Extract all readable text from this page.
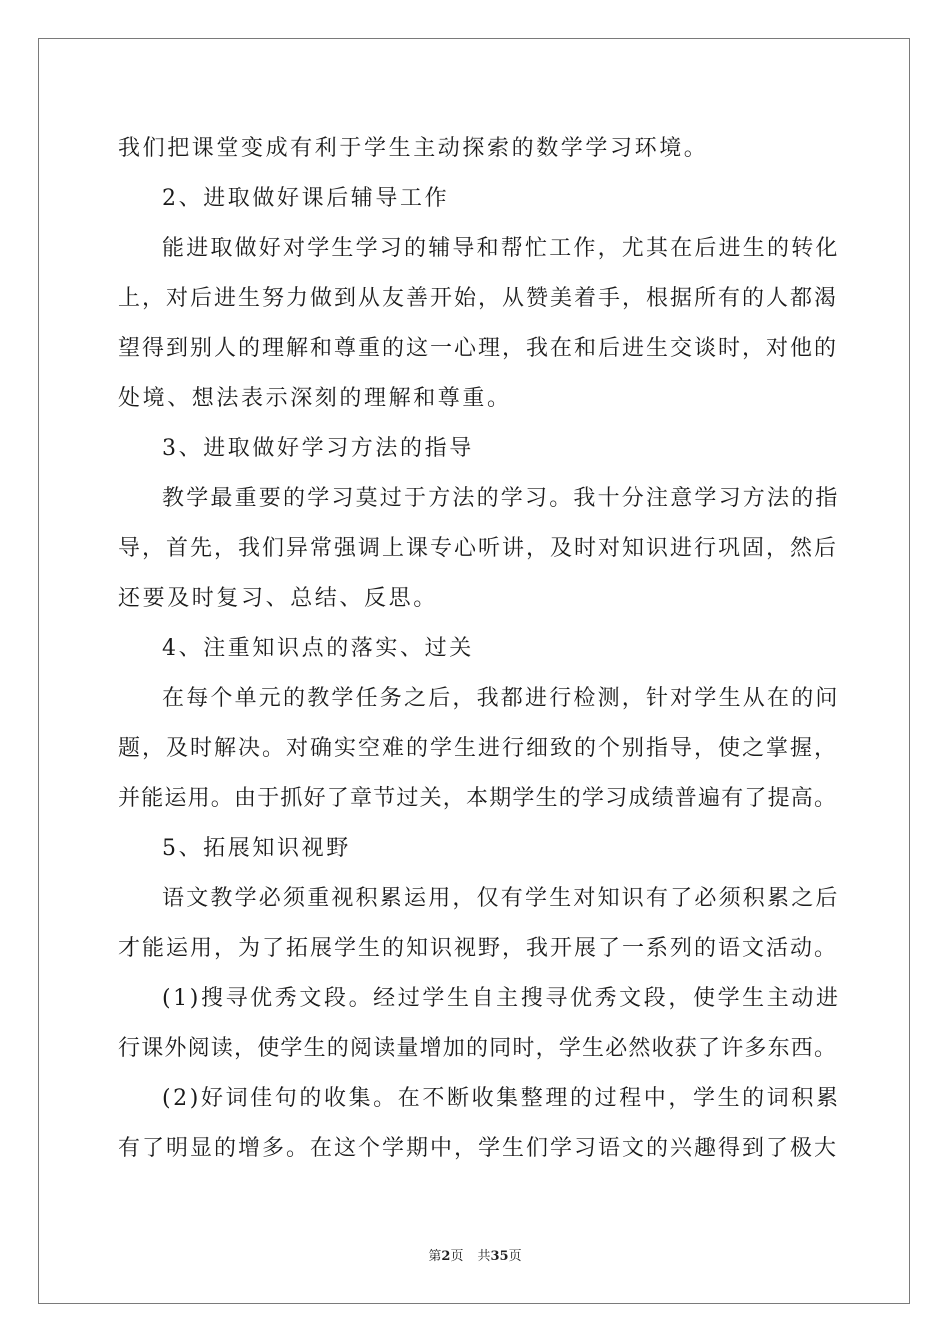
我们把课堂变成有利于学生主动探索的数学学习环境。
2、进取做好课后辅导工作
能进取做好对学生学习的辅导和帮忙工作，尤其在后进生的转化
上，对后进生努力做到从友善开始，从赞美着手，根据所有的人都渴
望得到别人的理解和尊重的这一心理，我在和后进生交谈时，对他的
处境、想法表示深刻的理解和尊重。
3、进取做好学习方法的指导
教学最重要的学习莫过于方法的学习。我十分注意学习方法的指
导，首先，我们异常强调上课专心听讲，及时对知识进行巩固，然后
还要及时复习、总结、反思。
4、注重知识点的落实、过关
在每个单元的教学任务之后，我都进行检测，针对学生从在的问
题，及时解决。对确实空难的学生进行细致的个别指导，使之掌握，
并能运用。由于抓好了章节过关，本期学生的学习成绩普遍有了提高。
5、拓展知识视野
语文教学必须重视积累运用，仅有学生对知识有了必须积累之后
才能运用，为了拓展学生的知识视野，我开展了一系列的语文活动。
(1)搜寻优秀文段。经过学生自主搜寻优秀文段，使学生主动进
行课外阅读，使学生的阅读量增加的同时，学生必然收获了许多东西。
(2)好词佳句的收集。在不断收集整理的过程中，学生的词积累
有了明显的增多。在这个学期中，学生们学习语文的兴趣得到了极大
第2页 共35页
